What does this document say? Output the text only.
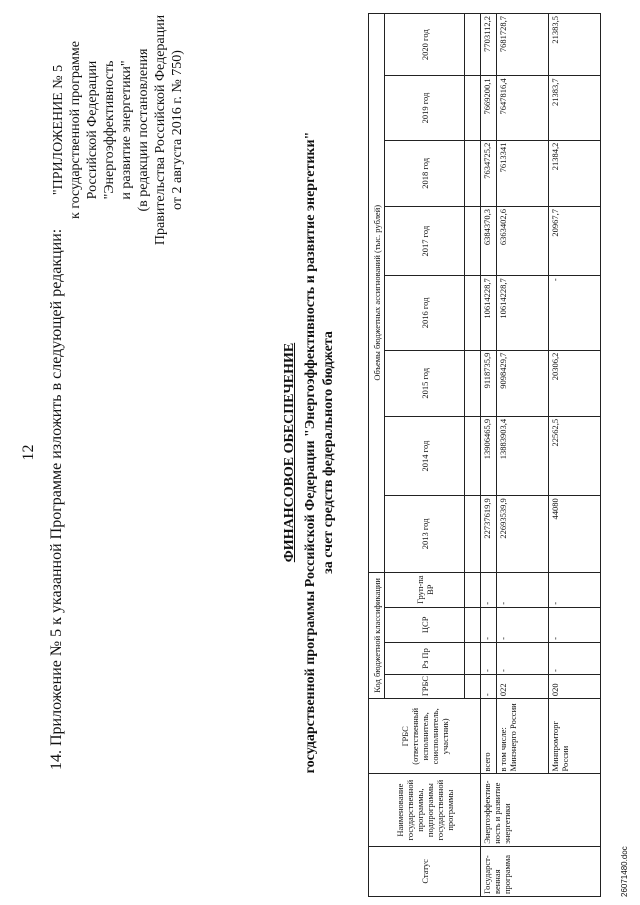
12 14. Приложение № 5 к указанной Программе изложить в следующей редакции:
"ПРИЛОЖЕНИЕ № 5 к государственной программе Российской Федерации "Энергоэффективность и развитие энергетики" (в редакции постановления Правительства Российской Федерации от 2 августа 2016 г. № 750)
ФИНАНСОВОЕ ОБЕСПЕЧЕНИЕ государственной программы Российской Федерации "Энергоэффективность и развитие энергетики" за счет средств федерального бюджета
Статус	Наименование государственной программы, подпрограммы государственной программы	ГРБС (ответственный исполнитель, соисполнитель, участник)	Код бюджетной классификации				Объемы бюджетных ассигнований (тыс. рублей)							
			ГРБС	Рз Пр	ЦСР	Груп-па ВР	2013 год	2014 год	2015 год	2016 год	2017 год	2018 год	2019 год	2020 год

Государст-венная программа	Энергоэффектив-ность и развитие энергетики	всего	-	-	-	-	22737619,9	13906465,9	9118735,9	10614228,7	6384370,3	7634725,2	7669200,1	7703112,2
		в том числе: Минэнерго России	022	-	-	-	22693539,9	13883903,4	9098429,7	10614228,7	6363402,6	7613341	7647816,4	7681728,7
		Минпромторг России	020	-	-	-	44080	22562,5	20306,2	-	20967,7	21384,2	21383,7	21383,5
26071480.doc
